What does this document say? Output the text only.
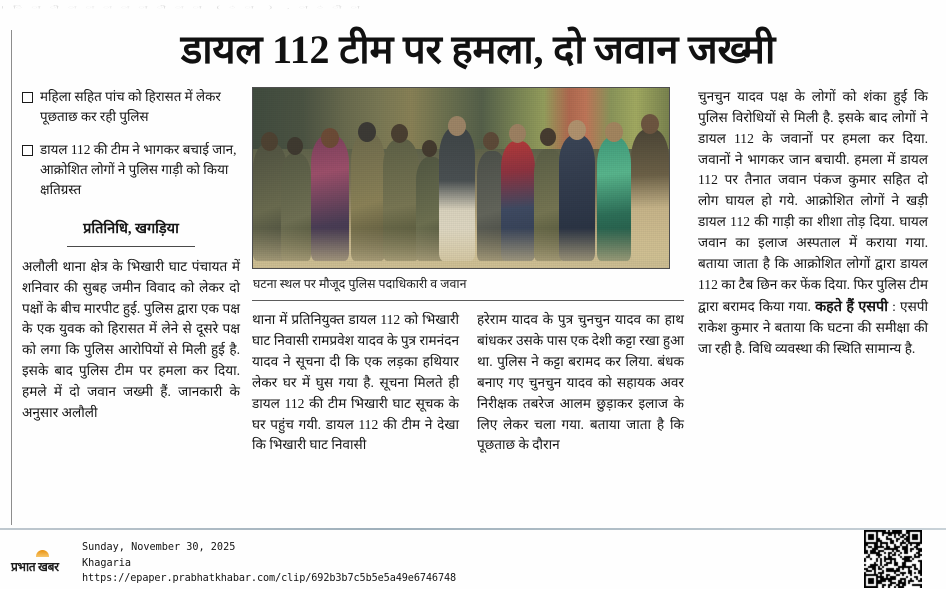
। ि ा ी ः ः ः ः ा ी ः ा ( ं ा ) , ा ं ी ा
डायल 112 टीम पर हमला, दो जवान जख्मी
महिला सहित पांच को हिरासत में लेकर पूछताछ कर रही पुलिस
डायल 112 की टीम ने भागकर बचाई जान, आक्रोशित लोगों ने पुलिस गाड़ी को किया क्षतिग्रस्त
प्रतिनिधि, खगड़िया

अलौली थाना क्षेत्र के भिखारी घाट पंचायत में शनिवार की सुबह जमीन विवाद को लेकर दो पक्षों के बीच मारपीट हुई. पुलिस द्वारा एक पक्ष के एक युवक को हिरासत में लेने से दूसरे पक्ष को लगा कि पुलिस आरोपियों से मिली हुई है. इसके बाद पुलिस टीम पर हमला कर दिया. हमले में दो जवान जख्मी हैं. जानकारी के अनुसार अलौली

घटना स्थल पर मौजूद पुलिस पदाधिकारी व जवान

थाना में प्रतिनियुक्त डायल 112 को भिखारी घाट निवासी रामप्रवेश यादव के पुत्र रामनंदन यादव ने सूचना दी कि एक लड़का हथियार लेकर घर में घुस गया है. सूचना मिलते ही डायल 112 की टीम भिखारी घाट सूचक के घर पहुंच गयी. डायल 112 की टीम ने देखा कि भिखारी घाट निवासी

हरेराम यादव के पुत्र चुनचुन यादव का हाथ बांधकर उसके पास एक देशी कट्टा रखा हुआ था. पुलिस ने कट्टा बरामद कर लिया. बंधक बनाए गए चुनचुन यादव को सहायक अवर निरीक्षक तबरेज आलम छुड़ाकर इलाज के लिए लेकर चला गया. बताया जाता है कि पूछताछ के दौरान

चुनचुन यादव पक्ष के लोगों को शंका हुई कि पुलिस विरोधियों से मिली है. इसके बाद लोगों ने डायल 112 के जवानों पर हमला कर दिया. जवानों ने भागकर जान बचायी. हमला में डायल 112 पर तैनात जवान पंकज कुमार सहित दो लोग घायल हो गये. आक्रोशित लोगों ने खड़ी डायल 112 की गाड़ी का शीशा तोड़ दिया. घायल जवान का इलाज अस्पताल में कराया गया. बताया जाता है कि आक्रोशित लोगों द्वारा डायल 112 का टैब छिन कर फेंक दिया. फिर पुलिस टीम द्वारा बरामद किया गया. कहते हैं एसपी : एसपी राकेश कुमार ने बताया कि घटना की समीक्षा की जा रही है. विधि व्यवस्था की स्थिति सामान्य है.

प्रभात खबर
Sunday, November 30, 2025
Khagaria
https://epaper.prabhatkhabar.com/clip/692b3b7c5b5e5a49e6746748
